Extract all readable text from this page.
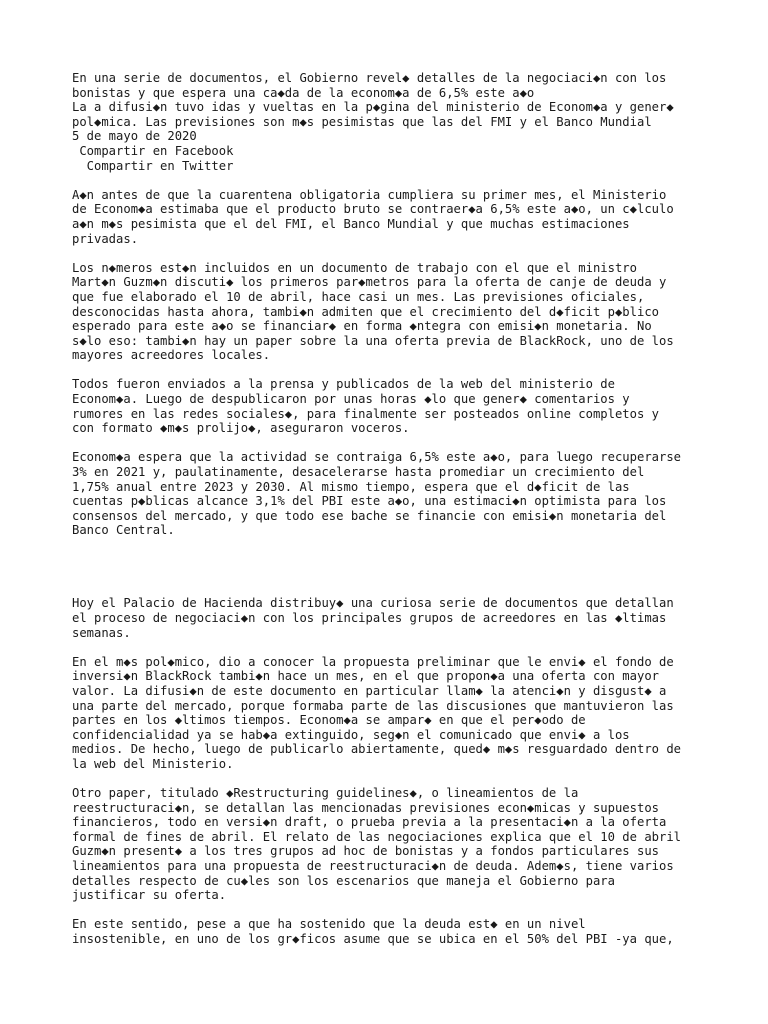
En una serie de documentos, el Gobierno revel◆ detalles de la negociaci◆n con los
bonistas y que espera una ca◆da de la econom◆a de 6,5% este a◆o
La a difusi◆n tuvo idas y vueltas en la p◆gina del ministerio de Econom◆a y gener◆
pol◆mica. Las previsiones son m◆s pesimistas que las del FMI y el Banco Mundial
5 de mayo de 2020
Compartir en Facebook
Compartir en Twitter
A◆n antes de que la cuarentena obligatoria cumpliera su primer mes, el Ministerio
de Econom◆a estimaba que el producto bruto se contraer◆a 6,5% este a◆o, un c◆lculo
a◆n m◆s pesimista que el del FMI, el Banco Mundial y que muchas estimaciones
privadas.
Los n◆meros est◆n incluidos en un documento de trabajo con el que el ministro
Mart◆n Guzm◆n discuti◆ los primeros par◆metros para la oferta de canje de deuda y
que fue elaborado el 10 de abril, hace casi un mes. Las previsiones oficiales,
desconocidas hasta ahora, tambi◆n admiten que el crecimiento del d◆ficit p◆blico
esperado para este a◆o se financiar◆ en forma ◆ntegra con emisi◆n monetaria. No
s◆lo eso: tambi◆n hay un paper sobre la una oferta previa de BlackRock, uno de los
mayores acreedores locales.
Todos fueron enviados a la prensa y publicados de la web del ministerio de
Econom◆a. Luego de despublicaron por unas horas ◆lo que gener◆ comentarios y
rumores en las redes sociales◆, para finalmente ser posteados online completos y
con formato ◆m◆s prolijo◆, aseguraron voceros.
Econom◆a espera que la actividad se contraiga 6,5% este a◆o, para luego recuperarse
3% en 2021 y, paulatinamente, desacelerarse hasta promediar un crecimiento del
1,75% anual entre 2023 y 2030. Al mismo tiempo, espera que el d◆ficit de las
cuentas p◆blicas alcance 3,1% del PBI este a◆o, una estimaci◆n optimista para los
consensos del mercado, y que todo ese bache se financie con emisi◆n monetaria del
Banco Central.
Hoy el Palacio de Hacienda distribuy◆ una curiosa serie de documentos que detallan
el proceso de negociaci◆n con los principales grupos de acreedores en las ◆ltimas
semanas.
En el m◆s pol◆mico, dio a conocer la propuesta preliminar que le envi◆ el fondo de
inversi◆n BlackRock tambi◆n hace un mes, en el que propon◆a una oferta con mayor
valor. La difusi◆n de este documento en particular llam◆ la atenci◆n y disgust◆ a
una parte del mercado, porque formaba parte de las discusiones que mantuvieron las
partes en los ◆ltimos tiempos. Econom◆a se ampar◆ en que el per◆odo de
confidencialidad ya se hab◆a extinguido, seg◆n el comunicado que envi◆ a los
medios. De hecho, luego de publicarlo abiertamente, qued◆ m◆s resguardado dentro de
la web del Ministerio.
Otro paper, titulado ◆Restructuring guidelines◆, o lineamientos de la
reestructuraci◆n, se detallan las mencionadas previsiones econ◆micas y supuestos
financieros, todo en versi◆n draft, o prueba previa a la presentaci◆n a la oferta
formal de fines de abril. El relato de las negociaciones explica que el 10 de abril
Guzm◆n present◆ a los tres grupos ad hoc de bonistas y a fondos particulares sus
lineamientos para una propuesta de reestructuraci◆n de deuda. Adem◆s, tiene varios
detalles respecto de cu◆les son los escenarios que maneja el Gobierno para
justificar su oferta.
En este sentido, pese a que ha sostenido que la deuda est◆ en un nivel
insostenible, en uno de los gr◆ficos asume que se ubica en el 50% del PBI -ya que,
